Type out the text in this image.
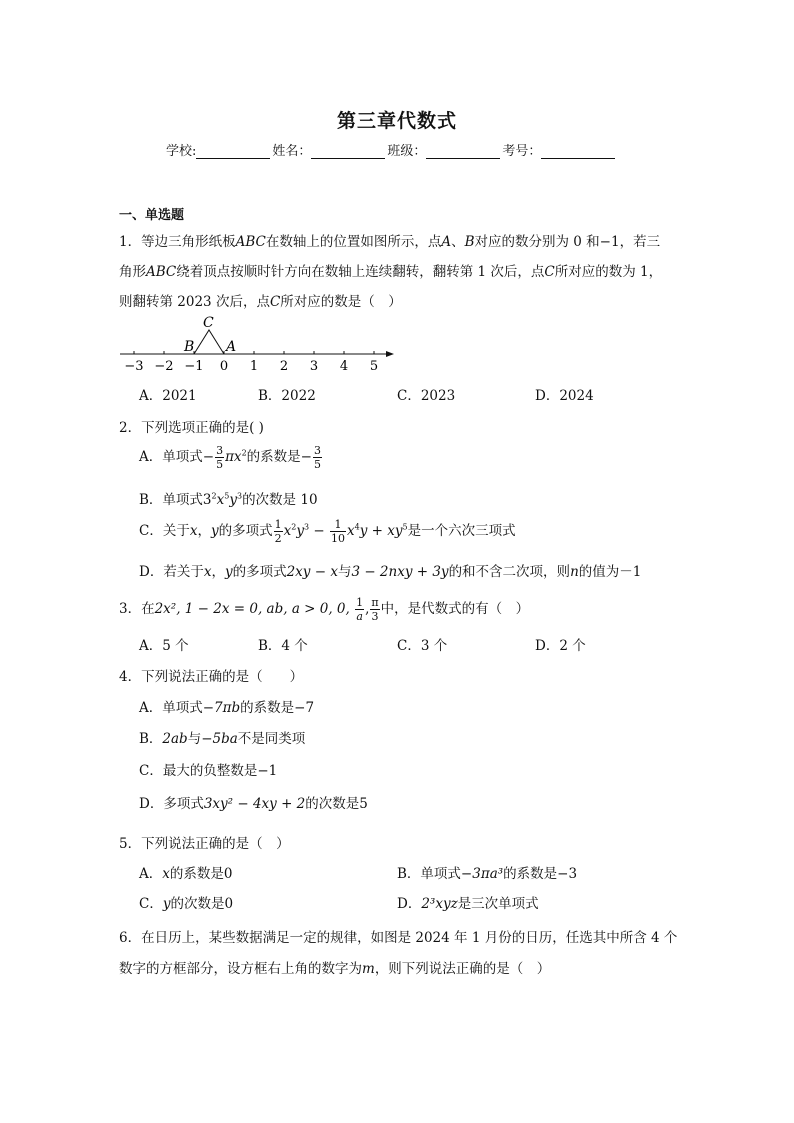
第三章代数式
学校:	姓名：	班级：	考号：
一、单选题
1．等边三角形纸板ABC在数轴上的位置如图所示，点A、B对应的数分别为 0 和−1，若三
角形ABC绕着顶点按顺时针方向在数轴上连续翻转，翻转第 1 次后，点C所对应的数为 1，
则翻转第 2023 次后，点C所对应的数是（　）
C
B A
−3 −2 −1 0 1 2 3 4 5
A．2021	B．2022	C．2023	D．2024
2．下列选项正确的是( )
A．单项式− $\frac{3}{5} \pi x^2$的系数是− $\frac{3}{5}$
B．单项式$3^2x^5y^3$的次数是 10
C．关于x，y的多项式 $\frac{1}{2} x^2y^3 - \frac{1}{10} x^4y + xy^5$是一个六次三项式
D．若关于x，y的多项式2xy − x与3 − 2nxy + 3y的和不含二次项，则n的值为－1
3．在2x², 1 − 2x = 0, ab, a > 0, 0, $\frac{1}{a}$ , $\frac{\pi}{3}$ 中，是代数式的有（　）
A．5 个	B．4 个	C．3 个	D．2 个
4．下列说法正确的是（　　）
A．单项式−7πb的系数是−7
B．2ab与−5ba不是同类项
C．最大的负整数是−1
D．多项式3xy² − 4xy + 2的次数是5
5．下列说法正确的是（　）
A．x的系数是0	B．单项式−3πa³的系数是−3
C．y的次数是0	D．2³xyz是三次单项式
6．在日历上，某些数据满足一定的规律，如图是 2024 年 1 月份的日历，任选其中所含 4 个
数字的方框部分，设方框右上角的数字为m，则下列说法正确的是（　）
